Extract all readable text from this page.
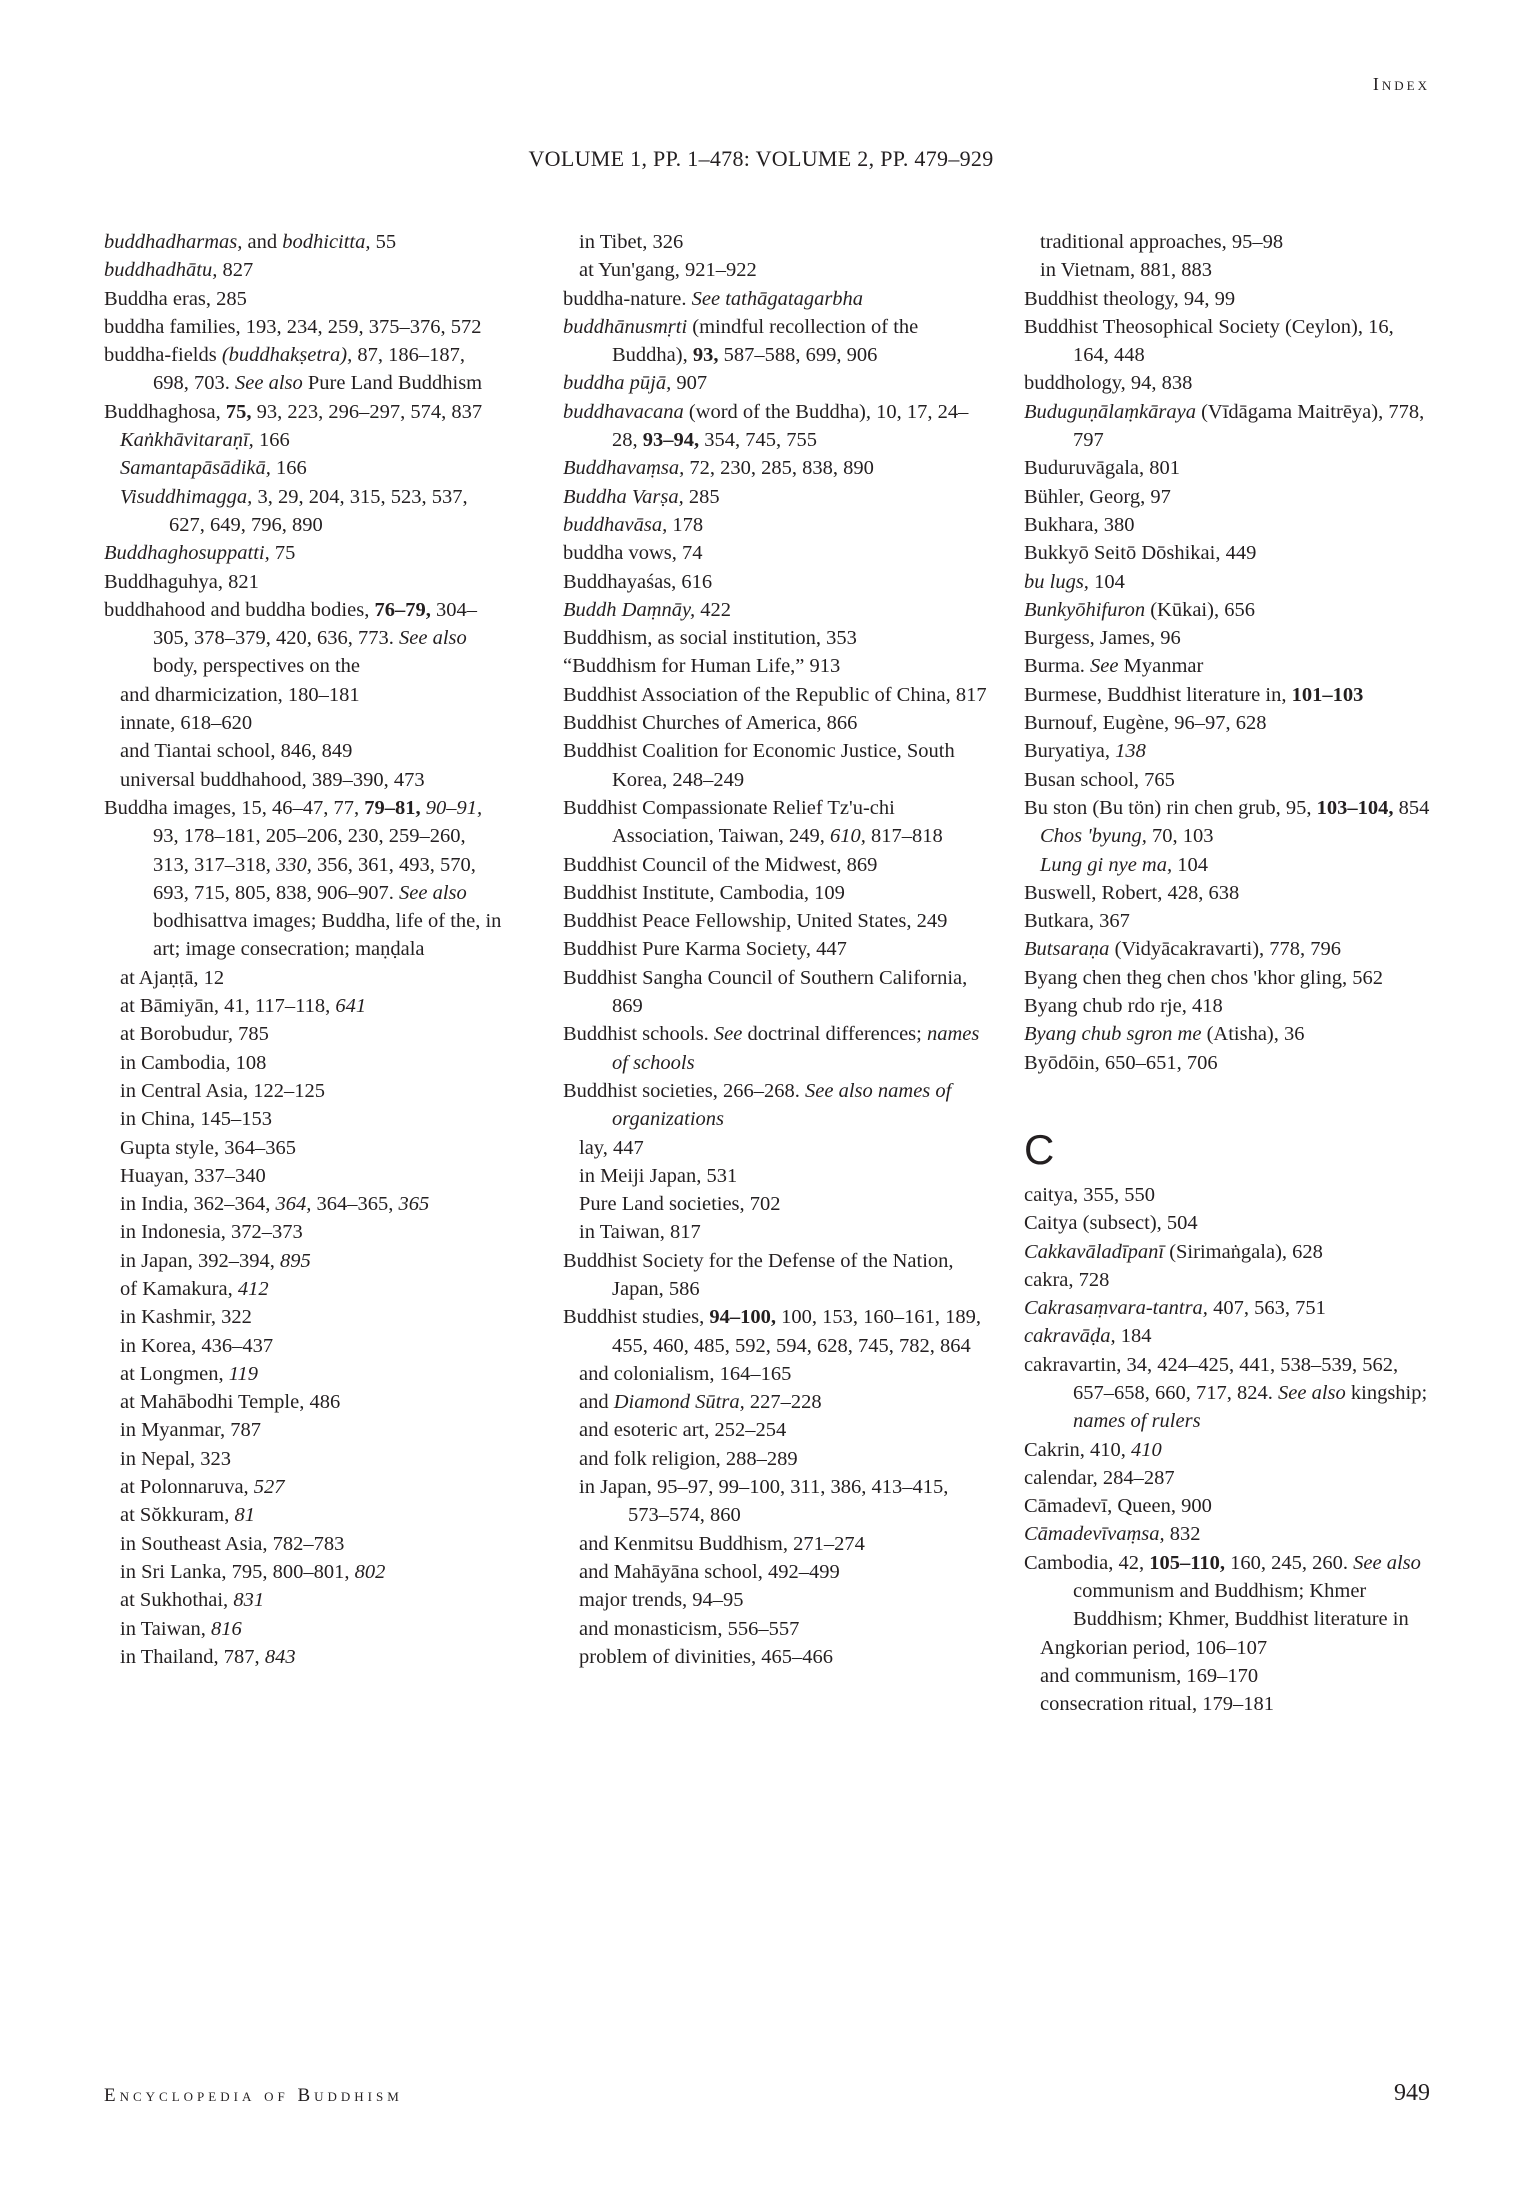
Index
VOLUME 1, PP. 1–478: VOLUME 2, PP. 479–929
buddhadharmas, and bodhicitta, 55
buddhadhātu, 827
Buddha eras, 285
buddha families, 193, 234, 259, 375–376, 572
buddha-fields (buddhakṣetra), 87, 186–187, 698, 703. See also Pure Land Buddhism
Buddhaghosa, 75, 93, 223, 296–297, 574, 837
Kaṅkhāvitaraṇī, 166
Samantapāsādikā, 166
Visuddhimagga, 3, 29, 204, 315, 523, 537, 627, 649, 796, 890
Buddhaghosuppatti, 75
Buddhaguhya, 821
buddhahood and buddha bodies, 76–79, 304–305, 378–379, 420, 636, 773. See also body, perspectives on the
and dharmicization, 180–181
innate, 618–620
and Tiantai school, 846, 849
universal buddhahood, 389–390, 473
Buddha images, 15, 46–47, 77, 79–81, 90–91, 93, 178–181, 205–206, 230, 259–260, 313, 317–318, 330, 356, 361, 493, 570, 693, 715, 805, 838, 906–907. See also bodhisattva images; Buddha, life of the, in art; image consecration; maṇḍala
at Ajaṇṭā, 12
at Bāmiyān, 41, 117–118, 641
at Borobudur, 785
in Cambodia, 108
in Central Asia, 122–125
in China, 145–153
Gupta style, 364–365
Huayan, 337–340
in India, 362–364, 364, 364–365, 365
in Indonesia, 372–373
in Japan, 392–394, 895
of Kamakura, 412
in Kashmir, 322
in Korea, 436–437
at Longmen, 119
at Mahābodhi Temple, 486
in Myanmar, 787
in Nepal, 323
at Polonnaruva, 527
at Sŏkkuram, 81
in Southeast Asia, 782–783
in Sri Lanka, 795, 800–801, 802
at Sukhothai, 831
in Taiwan, 816
in Thailand, 787, 843
in Tibet, 326
at Yun'gang, 921–922
buddha-nature. See tathāgatagarbha
buddhānusmṛti (mindful recollection of the Buddha), 93, 587–588, 699, 906
buddha pūjā, 907
buddhavacana (word of the Buddha), 10, 17, 24–28, 93–94, 354, 745, 755
Buddhavaṃsa, 72, 230, 285, 838, 890
Buddha Varṣa, 285
buddhavāsa, 178
buddha vows, 74
Buddhayaśas, 616
Buddh Daṃnāy, 422
Buddhism, as social institution, 353
“Buddhism for Human Life,” 913
Buddhist Association of the Republic of China, 817
Buddhist Churches of America, 866
Buddhist Coalition for Economic Justice, South Korea, 248–249
Buddhist Compassionate Relief Tz'u-chi Association, Taiwan, 249, 610, 817–818
Buddhist Council of the Midwest, 869
Buddhist Institute, Cambodia, 109
Buddhist Peace Fellowship, United States, 249
Buddhist Pure Karma Society, 447
Buddhist Sangha Council of Southern California, 869
Buddhist schools. See doctrinal differences; names of schools
Buddhist societies, 266–268. See also names of organizations
lay, 447
in Meiji Japan, 531
Pure Land societies, 702
in Taiwan, 817
Buddhist Society for the Defense of the Nation, Japan, 586
Buddhist studies, 94–100, 100, 153, 160–161, 189, 455, 460, 485, 592, 594, 628, 745, 782, 864
and colonialism, 164–165
and Diamond Sūtra, 227–228
and esoteric art, 252–254
and folk religion, 288–289
in Japan, 95–97, 99–100, 311, 386, 413–415, 573–574, 860
and Kenmitsu Buddhism, 271–274
and Mahāyāna school, 492–499
major trends, 94–95
and monasticism, 556–557
problem of divinities, 465–466
traditional approaches, 95–98
in Vietnam, 881, 883
Buddhist theology, 94, 99
Buddhist Theosophical Society (Ceylon), 16, 164, 448
buddhology, 94, 838
Buduguṇālaṃkāraya (Vīdāgama Maitrēya), 778, 797
Buduruvāgala, 801
Bühler, Georg, 97
Bukhara, 380
Bukkyō Seitō Dōshikai, 449
bu lugs, 104
Bunkyōhifuron (Kūkai), 656
Burgess, James, 96
Burma. See Myanmar
Burmese, Buddhist literature in, 101–103
Burnouf, Eugène, 96–97, 628
Buryatiya, 138
Busan school, 765
Bu ston (Bu tön) rin chen grub, 95, 103–104, 854
Chos 'byung, 70, 103
Lung gi nye ma, 104
Buswell, Robert, 428, 638
Butkara, 367
Butsaraṇa (Vidyācakravarti), 778, 796
Byang chen theg chen chos 'khor gling, 562
Byang chub rdo rje, 418
Byang chub sgron me (Atisha), 36
Byōdōin, 650–651, 706
C
caitya, 355, 550
Caitya (subsect), 504
Cakkavāladīpanī (Sirimaṅgala), 628
cakra, 728
Cakrasaṃvara-tantra, 407, 563, 751
cakravāḍa, 184
cakravartin, 34, 424–425, 441, 538–539, 562, 657–658, 660, 717, 824. See also kingship; names of rulers
Cakrin, 410, 410
calendar, 284–287
Cāmadevī, Queen, 900
Cāmadevīvaṃsa, 832
Cambodia, 42, 105–110, 160, 245, 260. See also communism and Buddhism; Khmer Buddhism; Khmer, Buddhist literature in
Angkorian period, 106–107
and communism, 169–170
consecration ritual, 179–181
Encyclopedia of Buddhism	949
